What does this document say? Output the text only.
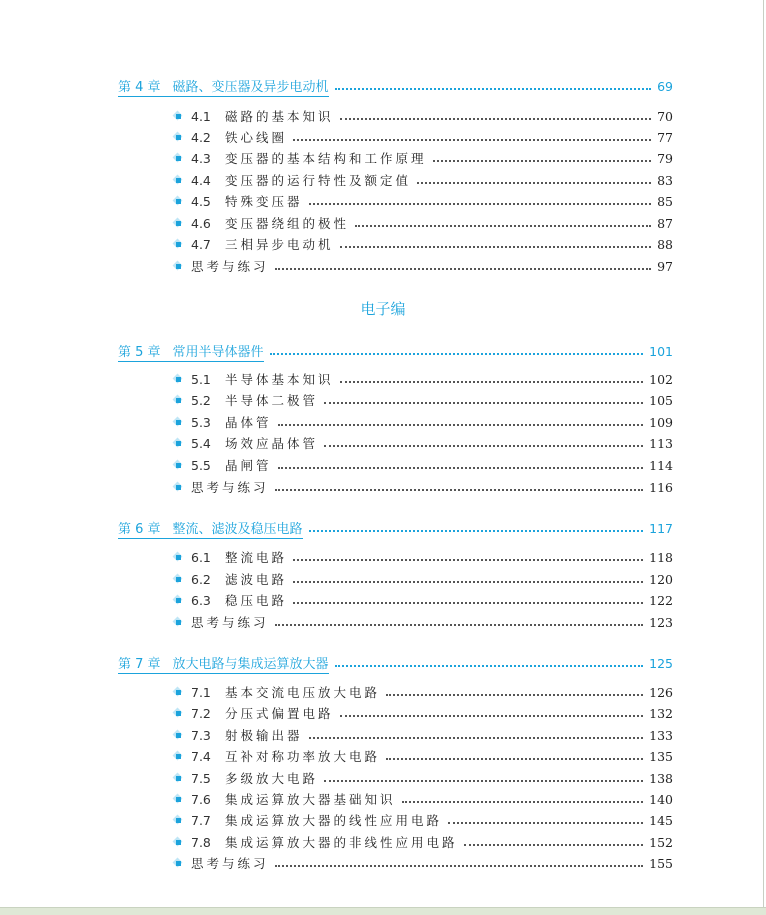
电子编
第 4 章 磁路、变压器及异步电动机	69
4.1	磁路的基本知识	70
4.2	铁心线圈	77
4.3	变压器的基本结构和工作原理	79
4.4	变压器的运行特性及额定值	83
4.5	特殊变压器	85
4.6	变压器绕组的极性	87
4.7	三相异步电动机	88
思考与练习	97
第 5 章 常用半导体器件	101
5.1	半导体基本知识	102
5.2	半导体二极管	105
5.3	晶体管	109
5.4	场效应晶体管	113
5.5	晶闸管	114
思考与练习	116
第 6 章 整流、滤波及稳压电路	117
6.1	整流电路	118
6.2	滤波电路	120
6.3	稳压电路	122
思考与练习	123
第 7 章 放大电路与集成运算放大器	125
7.1	基本交流电压放大电路	126
7.2	分压式偏置电路	132
7.3	射极输出器	133
7.4	互补对称功率放大电路	135
7.5	多级放大电路	138
7.6	集成运算放大器基础知识	140
7.7	集成运算放大器的线性应用电路	145
7.8	集成运算放大器的非线性应用电路	152
思考与练习	155
